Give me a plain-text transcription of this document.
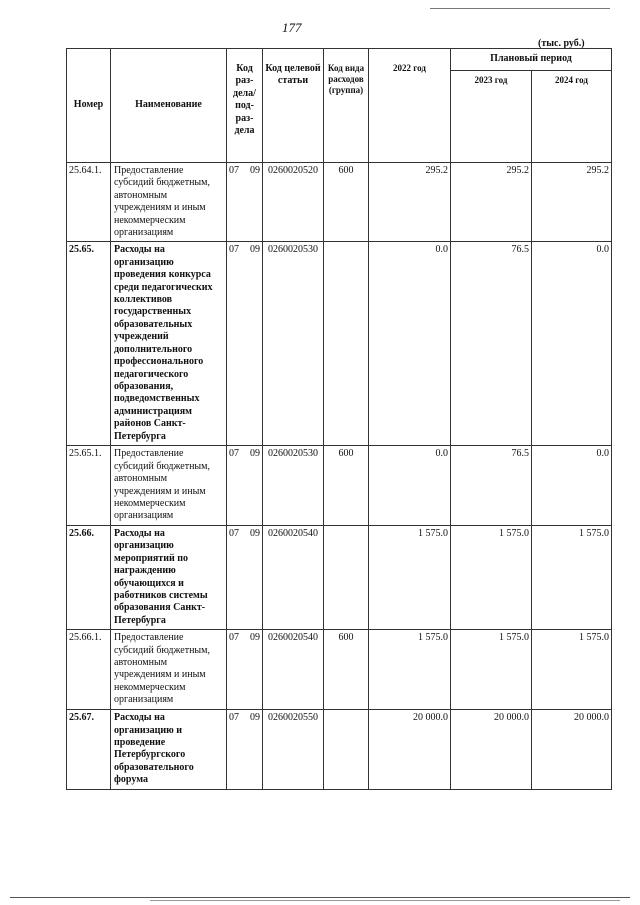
177
(тыс. руб.)
Номер	Наименование	Код раз-дела/ под-раз-дела	Код целевой статьи	Код вида расходов (группа)	2022 год	Плановый период	
						2023 год	2024 год
25.64.1.	Предоставление субсидий бюджетным, автономным учреждениям и иным некоммерческим организациям	07 09	0260020520	600	295.2	295.2	295.2
25.65.	Расходы на организацию проведения конкурса среди педагогических коллективов государственных образовательных учреждений дополнительного профессионального педагогического образования, подведомственных администрациям районов Санкт-Петербурга	07 09	0260020530		0.0	76.5	0.0
25.65.1.	Предоставление субсидий бюджетным, автономным учреждениям и иным некоммерческим организациям	07 09	0260020530	600	0.0	76.5	0.0
25.66.	Расходы на организацию мероприятий по награждению обучающихся и работников системы образования Санкт-Петербурга	07 09	0260020540		1 575.0	1 575.0	1 575.0
25.66.1.	Предоставление субсидий бюджетным, автономным учреждениям и иным некоммерческим организациям	07 09	0260020540	600	1 575.0	1 575.0	1 575.0
25.67.	Расходы на организацию и проведение Петербургского образовательного форума	07 09	0260020550		20 000.0	20 000.0	20 000.0
